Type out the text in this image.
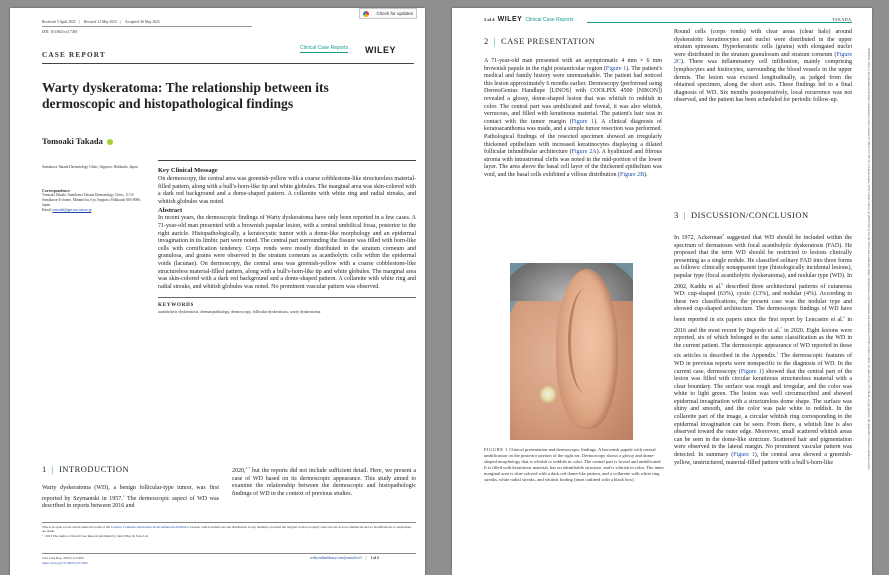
Check for updates
Received: 5 April 2023 | Revised: 21 May 2023 | Accepted: 26 May 2023
DOI: 10.1002/ccr3.7493
CASE REPORT
Clinical Case Reports WILEY
Warty dyskeratoma: The relationship between its dermoscopic and histopathological findings
Tomoaki Takada
Sumikawa Takada Dermatology Clinic, Sapporo, Hokkaido, Japan
Correspondence
Tomoaki Takada, Sumikawa Takada Dermatology Clinic, 11-10 Sumikawa-4-chome, Minami-ku 4-jo, Sapporo, Hokkaido 005-0006, Japan.
Email: tomoaki@gm.ezz-net.ne.jp
Key Clinical Message
On dermoscopy, the central area was greenish-yellow with a coarse cobblestone-like structureless material-filled pattern, along with a bull's-horn-like tip and white globules. The marginal area was skin-colored with a dark red background and a dome-shaped pattern. A collarette with white ring and radial streaks, and whitish globules was noted.
Abstract
In recent years, the dermoscopic findings of Warty dyskeratoma have only been reported in a few cases. A 71-year-old man presented with a brownish papular lesion, with a central umbilical fossa, posterior to the right auricle. Histopathologically, a keratocystic tumor with a dome-like morphology and an epidermal invagination in its limbic part were noted. The central part surrounding the fissure was filled with horn-like cells with cornification tendency. Corps ronds were mostly distributed in the stratum corneum and granulosa, and grains were observed in the stratum corneum as acantholytic cells within the epidermal voids (lacunae). On dermoscopy, the central area was greenish-yellow with a coarse cobblestone-like structureless material-filled pattern, along with a bull's-horn-like tip and white globules. The marginal area was skin-colored with a dark red background and a dome-shaped pattern. A collarette with white ring and radial streaks, and whitish globules was noted. No prominent vascular pattern was observed.
KEYWORDS
acantholytic dyskeratosis, dermatopathology, dermoscopy, follicular dyskeratosis, warty dyskeratoma
1 | INTRODUCTION
Warty dyskeratoma (WD), a benign follicular-type tumor, was first reported by Szymanski in 1957.$^1$ The dermoscopic aspect of WD was described in reports between 2016 and
2020,$^{2-7}$ but the reports did not include sufficient detail. Here, we present a case of WD based on its dermoscopic appearance. This study aimed to examine the relationship between the dermoscopic and histopathologic findings of WD in the context of previous studies.
This is an open access article under the terms of the Creative Commons Attribution-NonCommercial-NoDerivs License, which permits use and distribution in any medium, provided the original work is properly cited, the use is non-commercial and no modifications or adaptations are made.
© 2023 The Author. Clinical Case Reports published by John Wiley & Sons Ltd.
Clin Case Rep. 2023;11:e7493.
https://doi.org/10.1002/ccr3.7493
wileyonlinelibrary.com/journal/ccr3 | 1 of 4
2 of 4 WILEY Clinical Case Reports	TAKADA
2 | CASE PRESENTATION
A 71-year-old man presented with an asymptomatic 4 mm × 6 mm brownish papule in the right postauricular region (Figure 1). The patient's medical and family history were unremarkable. The patient had noticed this lesion approximately 6 months earlier. Dermoscopy (performed using DermoGenius Handlupe [LINOS] with COOLPIX 4500 [NIKON]) revealed a glossy, dome-shaped lesion that was whitish to reddish in color. The central part was umbilicated and foveal, it was also whitish, verrucous, and filled with keratinous material. The patient's hair was in contact with the tumor margin (Figure 1). A clinical diagnosis of keratoacanthoma was made, and a simple tumor resection was performed. Pathological findings of the resected specimen showed an irregularly thickened epithelium with increased keratinocytes displaying a dilated follicular infundibular architecture (Figure 2A). A hyalinized and fibrous stroma with intrastromal clefts was noted in the mid-portion of the lower layer. The area above the basal cell layer of the thickened epithelium was void, and the basal cells exhibited a villous distribution (Figure 2B).
FIGURE 1 Clinical presentation and dermoscopic findings. A brownish papule with central umbilication on the posterior portion of the right ear. Dermoscopy shows a glossy and dome-shaped morphology that is whitish to reddish in color. The central part is foveal and umbilicated. It is filled with keratinous material, has no identifiable structure, and is whitish in color. The inner marginal area is skin-colored with a dark red dome-like pattern, and a collarette with white ring streaks, white radial streaks, and whitish finding (inset outlined with a black box).
Round cells (corps ronds) with clear areas (clear halo) around dyskeratotic keratinocytes and nuclei were distributed in the upper stratum spinosum. Hyperkeratotic cells (grains) with elongated nuclei were distributed in the stratum granulosum and stratum corneum (Figure 2C). There was inflammatory cell infiltration, mainly comprising lymphocytes and histiocytes, surrounding the blood vessels in the upper dermis. The lesion was excised longitudinally, as judged from the obtained specimen, along the short axis. These findings led to a final diagnosis of WD. Six months postoperatively, local recurrence was not observed, and the patient has been scheduled for periodic follow-up.
3 | DISCUSSION/CONCLUSION
In 1972, Ackerman$^8$ suggested that WD should be included within the spectrum of dermatoses with focal acantholytic dyskeratosis (FAD). He proposed that the term WD should be restricted to lesions clinically presenting as a single nodule. He classified solitary FAD into three forms as follows: clinically nonapparent type (histologically incidental lesions), papular type (focal acantholytic dyskeratoma), and nodular type (WD). In 2002, Kaddu et al.$^9$ described three architectural patterns of cutaneous WD: cup-shaped (63%), cystic (13%), and nodular (4%). According to these two classifications, the present case was the nodular type and showed cup-shaped architecture. The dermoscopic findings of WD have been reported in six papers since the first report by Lencastre et al.$^2$ in 2016 and the most recent by Ingordo et al.$^7$ in 2020. Eight lesions were reported, six of which belonged to the same classification as the WD in the current patient. The dermoscopic appearance of WD reported in these six articles is described in the Appendix.$^1$ The dermoscopic features of WD in previous reports were nonspecific to the diagnosis of WD. In the current case, dermoscopy (Figure 1) showed that the central part of the lesion was filled with circular keratinous structureless material with a clear boundary. The surface was rough and irregular, and the color was white to light green. The lesion was well circumscribed and showed epidermal invagination with a structureless dome shape. The surface was shiny and smooth, and the color was pale white to reddish. In the collarette part of the image, a circular whitish ring corresponding to the epidermal invagination can be seen. From there, a whitish line is also observed toward the outer edge. Moreover, small scattered whitish areas can be seen in the dome-like structure. Scattered hair and pigmentation were observed in the lateral margin. No prominent vascular pattern was detected. In summary (Figure 1), the central area showed a greenish-yellow, unstructured, material-filled pattern with a bull's-horn-like	20500904, 2023, 6, Downloaded from https://onlinelibrary.wiley.com/doi/10.1002/ccr3.7493 by Cochrane Japan, Wiley Online Library on [05/06/2023]. See the Terms and Conditions (https://onlinelibrary.wiley.com/terms-and-conditions) on Wiley Online Library for rules of use; OA articles are governed by the applicable Creative Commons License
